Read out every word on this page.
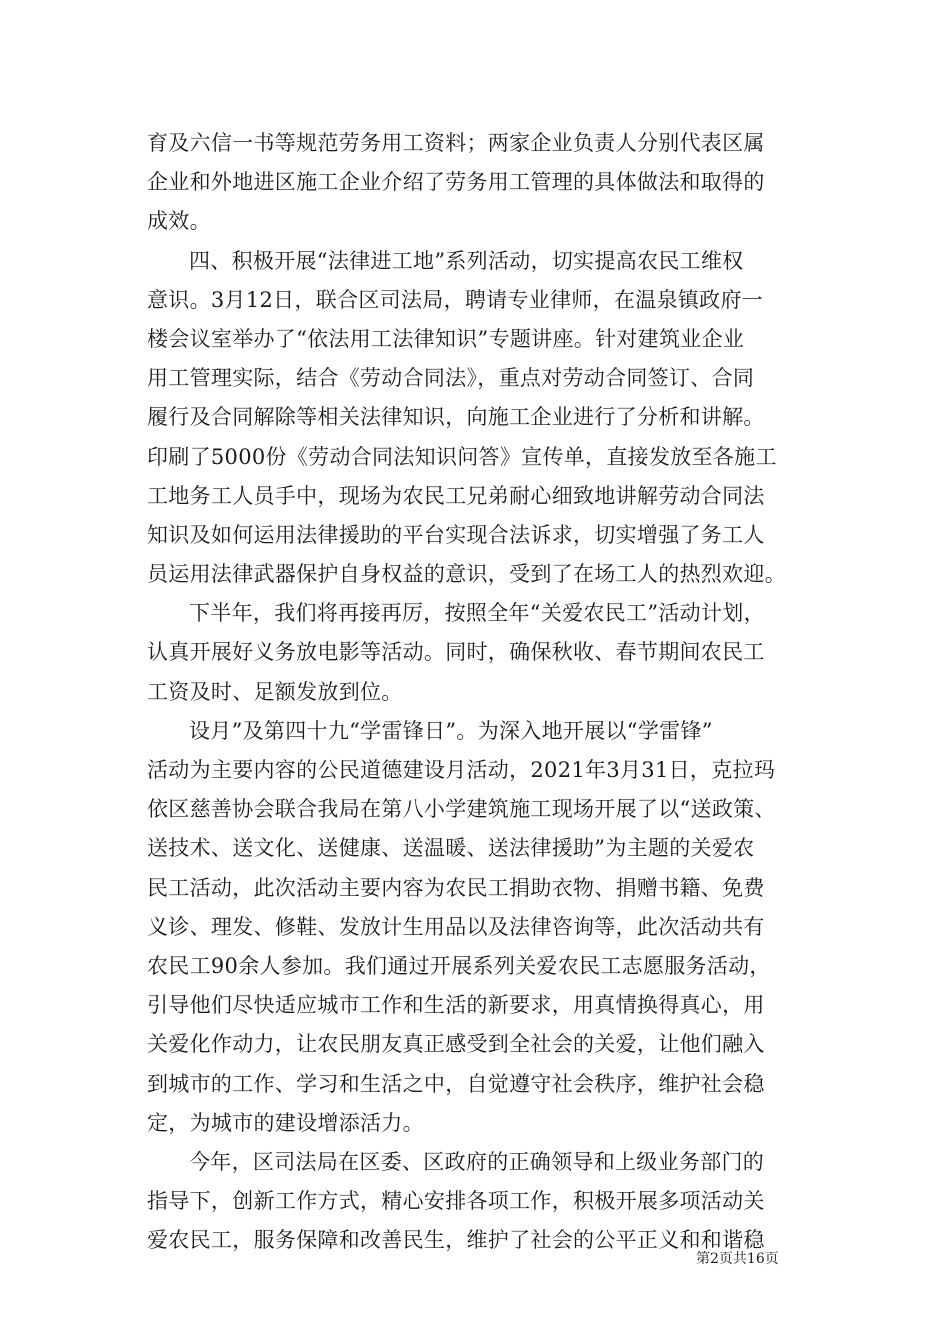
育及六信一书等规范劳务用工资料；两家企业负责人分别代表区属
企业和外地进区施工企业介绍了劳务用工管理的具体做法和取得的
成效。
四、积极开展“法律进工地”系列活动，切实提高农民工维权
意识。3月12日，联合区司法局，聘请专业律师，在温泉镇政府一
楼会议室举办了“依法用工法律知识”专题讲座。针对建筑业企业
用工管理实际，结合《劳动合同法》，重点对劳动合同签订、合同
履行及合同解除等相关法律知识，向施工企业进行了分析和讲解。
印刷了5000份《劳动合同法知识问答》宣传单，直接发放至各施工
工地务工人员手中，现场为农民工兄弟耐心细致地讲解劳动合同法
知识及如何运用法律援助的平台实现合法诉求，切实增强了务工人
员运用法律武器保护自身权益的意识，受到了在场工人的热烈欢迎。
下半年，我们将再接再厉，按照全年“关爱农民工”活动计划，
认真开展好义务放电影等活动。同时，确保秋收、春节期间农民工
工资及时、足额发放到位。
设月”及第四十九“学雷锋日”。为深入地开展以“学雷锋”
活动为主要内容的公民道德建设月活动，2021年3月31日，克拉玛
依区慈善协会联合我局在第八小学建筑施工现场开展了以“送政策、
送技术、送文化、送健康、送温暖、送法律援助”为主题的关爱农
民工活动，此次活动主要内容为农民工捐助衣物、捐赠书籍、免费
义诊、理发、修鞋、发放计生用品以及法律咨询等，此次活动共有
农民工90余人参加。我们通过开展系列关爱农民工志愿服务活动，
引导他们尽快适应城市工作和生活的新要求，用真情换得真心，用
关爱化作动力，让农民朋友真正感受到全社会的关爱，让他们融入
到城市的工作、学习和生活之中，自觉遵守社会秩序，维护社会稳
定，为城市的建设增添活力。
今年，区司法局在区委、区政府的正确领导和上级业务部门的
指导下，创新工作方式，精心安排各项工作，积极开展多项活动关
爱农民工，服务保障和改善民生，维护了社会的公平正义和和谐稳
第2页共16页
